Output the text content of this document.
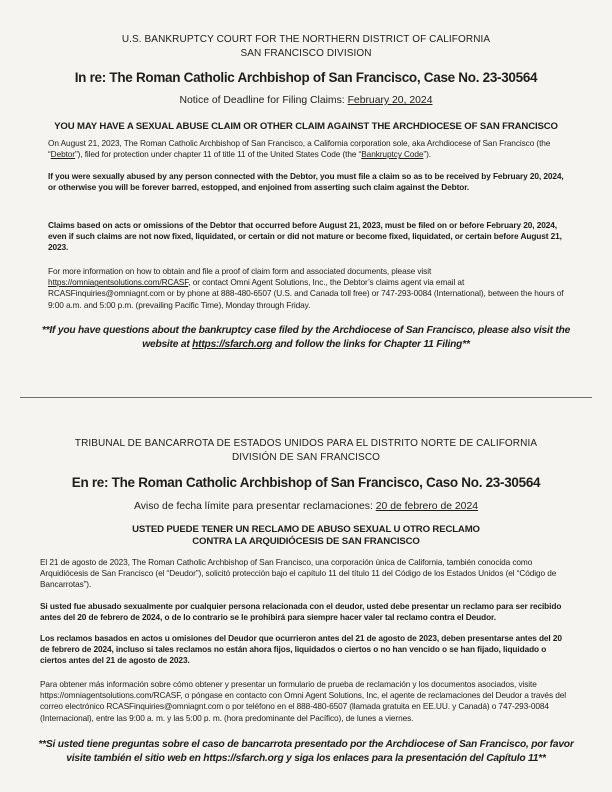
U.S. BANKRUPTCY COURT FOR THE NORTHERN DISTRICT OF CALIFORNIA
SAN FRANCISCO DIVISION
In re: The Roman Catholic Archbishop of San Francisco, Case No. 23-30564
Notice of Deadline for Filing Claims: February 20, 2024
YOU MAY HAVE A SEXUAL ABUSE CLAIM OR OTHER CLAIM AGAINST THE ARCHDIOCESE OF SAN FRANCISCO
On August 21, 2023, The Roman Catholic Archbishop of San Francisco, a California corporation sole, aka Archdiocese of San Francisco (the “Debtor”), filed for protection under chapter 11 of title 11 of the United States Code (the “Bankruptcy Code”).
If you were sexually abused by any person connected with the Debtor, you must file a claim so as to be received by February 20, 2024, or otherwise you will be forever barred, estopped, and enjoined from asserting such claim against the Debtor.
Claims based on acts or omissions of the Debtor that occurred before August 21, 2023, must be filed on or before February 20, 2024, even if such claims are not now fixed, liquidated, or certain or did not mature or become fixed, liquidated, or certain before August 21, 2023.
For more information on how to obtain and file a proof of claim form and associated documents, please visit https://omniagentsolutions.com/RCASF, or contact Omni Agent Solutions, Inc., the Debtor’s claims agent via email at RCASFinquiries@omniagnt.com or by phone at 888-480-6507 (U.S. and Canada toll free) or 747-293-0084 (International), between the hours of 9:00 a.m. and 5:00 p.m. (prevailing Pacific Time), Monday through Friday.
**If you have questions about the bankruptcy case filed by the Archdiocese of San Francisco, please also visit the website at https://sfarch.org and follow the links for Chapter 11 Filing**
TRIBUNAL DE BANCARROTA DE ESTADOS UNIDOS PARA EL DISTRITO NORTE DE CALIFORNIA
DIVISIÓN DE SAN FRANCISCO
En re: The Roman Catholic Archbishop of San Francisco, Caso No. 23-30564
Aviso de fecha límite para presentar reclamaciones: 20 de febrero de 2024
USTED PUEDE TENER UN RECLAMO DE ABUSO SEXUAL U OTRO RECLAMO
CONTRA LA ARQUIDIÓCESIS DE SAN FRANCISCO
El 21 de agosto de 2023, The Roman Catholic Archbishop of San Francisco, una corporación única de California, también conocida como Arquidiócesis de San Francisco (el “Deudor”), solicitó protección bajo el capítulo 11 del título 11 del Código de los Estados Unidos (el “Código de Bancarrotas”).
Si usted fue abusado sexualmente por cualquier persona relacionada con el deudor, usted debe presentar un reclamo para ser recibido antes del 20 de febrero de 2024, o de lo contrario se le prohibirá para siempre hacer valer tal reclamo contra el Deudor.
Los reclamos basados en actos u omisiones del Deudor que ocurrieron antes del 21 de agosto de 2023, deben presentarse antes del 20 de febrero de 2024, incluso si tales reclamos no están ahora fijos, liquidados o ciertos o no han vencido o se han fijado, liquidado o ciertos antes del 21 de agosto de 2023.
Para obtener más información sobre cómo obtener y presentar un formulario de prueba de reclamación y los documentos asociados, visite https://omniagentsolutions.com/RCASF, o póngase en contacto con Omni Agent Solutions, Inc, el agente de reclamaciones del Deudor a través del correo electrónico RCASFinquiries@omniagnt.com o por teléfono en el 888-480-6507 (llamada gratuita en EE.UU. y Canadá) o 747-293-0084 (Internacional), entre las 9:00 a. m. y las 5:00 p. m. (hora predominante del Pacífico), de lunes a viernes.
**Si usted tiene preguntas sobre el caso de bancarrota presentado por the Archdiocese of San Francisco, por favor visite también el sitio web en https://sfarch.org y siga los enlaces para la presentación del Capítulo 11**
